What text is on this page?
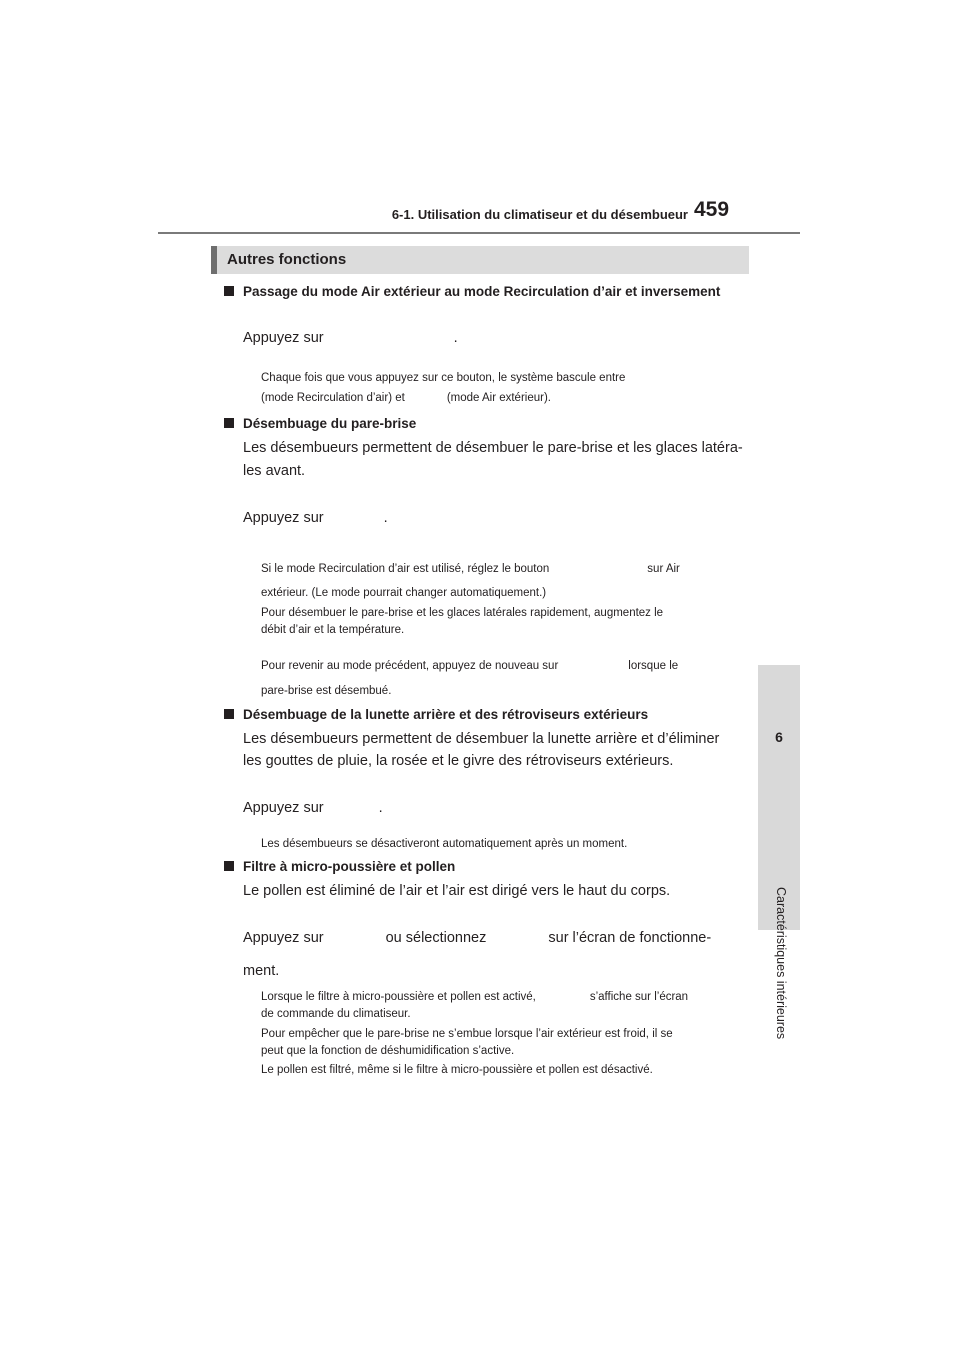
6-1. Utilisation du climatiseur et du désembueur 459
6
Caractéristiques intérieures
Autres fonctions
Passage du mode Air extérieur au mode Recirculation d’air et inversement
Appuyez sur	.
Chaque fois que vous appuyez sur ce bouton, le système bascule entre
(mode Recirculation d’air) et	(mode Air extérieur).
Désembuage du pare-brise
Les désembueurs permettent de désembuer le pare-brise et les glaces latéra-
les avant.
Appuyez sur	.
Si le mode Recirculation d’air est utilisé, réglez le bouton	sur Air
extérieur. (Le mode pourrait changer automatiquement.)
Pour désembuer le pare-brise et les glaces latérales rapidement, augmentez le
débit d’air et la température.
Pour revenir au mode précédent, appuyez de nouveau sur	lorsque le
pare-brise est désembué.
Désembuage de la lunette arrière et des rétroviseurs extérieurs
Les désembueurs permettent de désembuer la lunette arrière et d’éliminer
les gouttes de pluie, la rosée et le givre des rétroviseurs extérieurs.
Appuyez sur	.
Les désembueurs se désactiveront automatiquement après un moment.
Filtre à micro-poussière et pollen
Le pollen est éliminé de l’air et l’air est dirigé vers le haut du corps.
Appuyez sur	ou sélectionnez	sur l’écran de fonctionne-
ment.
Lorsque le filtre à micro-poussière et pollen est activé,	s’affiche sur l’écran
de commande du climatiseur.
Pour empêcher que le pare-brise ne s’embue lorsque l’air extérieur est froid, il se
peut que la fonction de déshumidification s’active.
Le pollen est filtré, même si le filtre à micro-poussière et pollen est désactivé.
